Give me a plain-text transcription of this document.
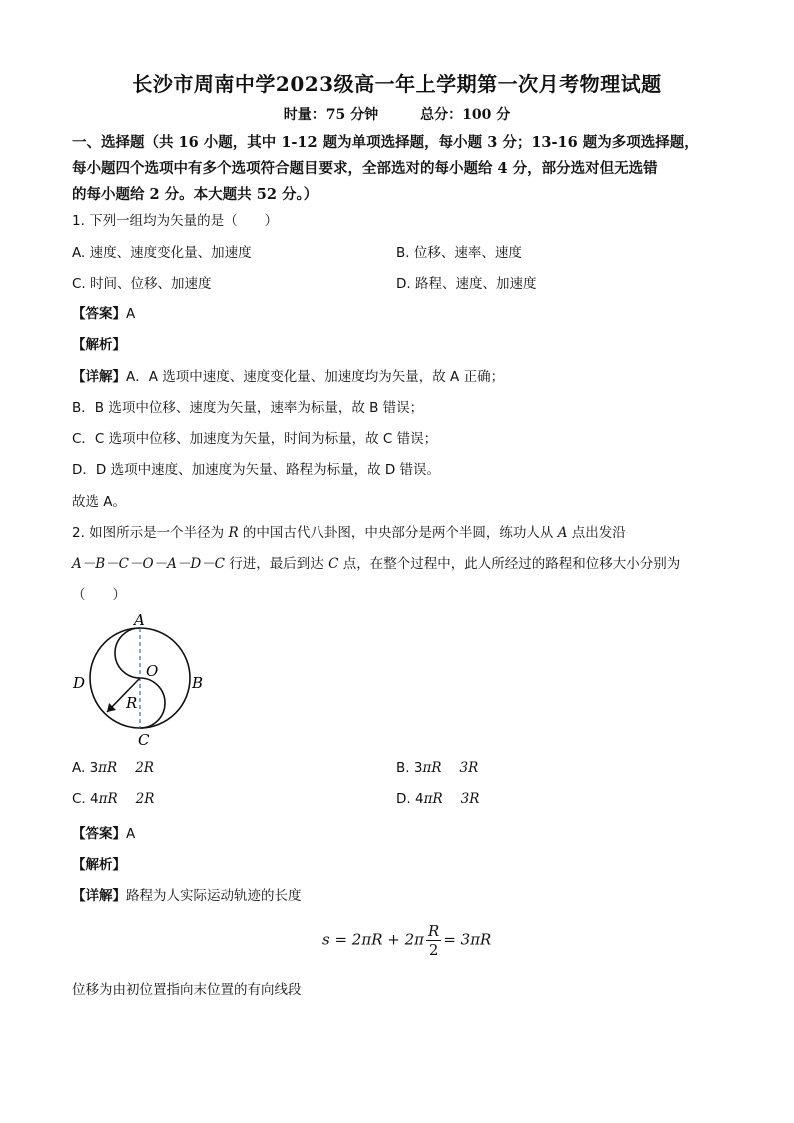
长沙市周南中学2023级高一年上学期第一次月考物理试题
时量：75 分钟	总分：100 分
一、选择题（共 16 小题，其中 1-12 题为单项选择题，每小题 3 分；13-16 题为多项选择题，
每小题四个选项中有多个选项符合题目要求，全部选对的每小题给 4 分，部分选对但无选错
的每小题给 2 分。本大题共 52 分。）
1. 下列一组均为矢量的是（　　）
A. 速度、速度变化量、加速度	B. 位移、速率、速度
C. 时间、位移、加速度	D. 路程、速度、加速度
【答案】A
【解析】
【详解】A．A 选项中速度、速度变化量、加速度均为矢量，故 A 正确；
B．B 选项中位移、速度为矢量，速率为标量，故 B 错误；
C．C 选项中位移、加速度为矢量，时间为标量，故 C 错误；
D．D 选项中速度、加速度为矢量、路程为标量，故 D 错误。
故选 A。
2. 如图所示是一个半径为 R 的中国古代八卦图，中央部分是两个半圆，练功人从 A 点出发沿
A－B－C－O－A－D－C 行进，最后到达 C 点，在整个过程中，此人所经过的路程和位移大小分别为
（　　）
A
B
C
D
O
R
A. 3πR 2R	B. 3πR 3R
C. 4πR 2R	D. 4πR 3R
【答案】A
【解析】
【详解】路程为人实际运动轨迹的长度
$s = 2\pi R + 2\pi \frac{R}{2} = 3\pi R$
位移为由初位置指向末位置的有向线段
